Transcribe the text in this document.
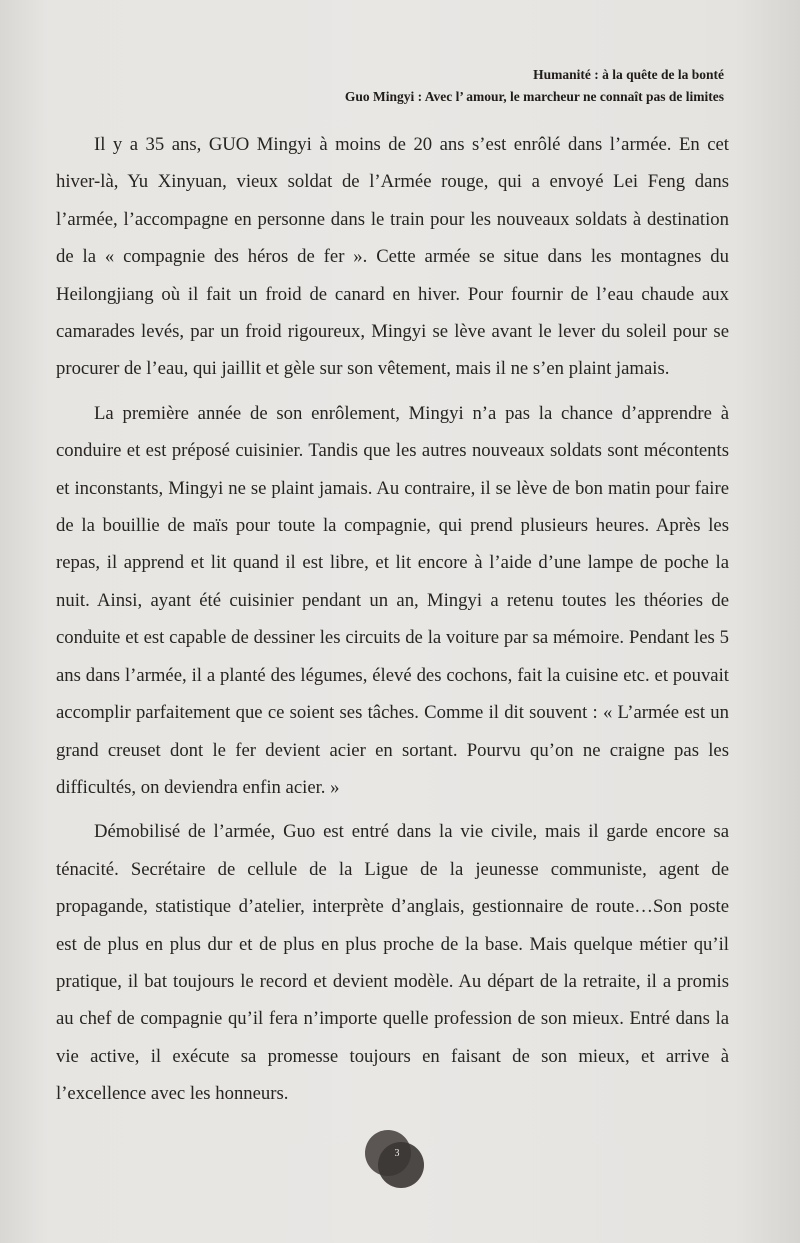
Humanité : à la quête de la bonté
Guo Mingyi : Avec l’ amour, le marcheur ne connaît pas de limites

Il y a 35 ans, GUO Mingyi à moins de 20 ans s’est enrôlé dans l’armée. En cet hiver-là, Yu Xinyuan, vieux soldat de l’Armée rouge, qui a envoyé Lei Feng dans l’armée, l’accompagne en personne dans le train pour les nouveaux soldats à destination de la « compagnie des héros de fer ». Cette armée se situe dans les montagnes du Heilongjiang où il fait un froid de canard en hiver. Pour fournir de l’eau chaude aux camarades levés, par un froid rigoureux, Mingyi se lève avant le lever du soleil pour se procurer de l’eau, qui jaillit et gèle sur son vêtement, mais il ne s’en plaint jamais.

La première année de son enrôlement, Mingyi n’a pas la chance d’apprendre à conduire et est préposé cuisinier. Tandis que les autres nouveaux soldats sont mécontents et inconstants, Mingyi ne se plaint jamais. Au contraire, il se lève de bon matin pour faire de la bouillie de maïs pour toute la compagnie, qui prend plusieurs heures. Après les repas, il apprend et lit quand il est libre, et lit encore à l’aide d’une lampe de poche la nuit. Ainsi, ayant été cuisinier pendant un an, Mingyi a retenu toutes les théories de conduite et est capable de dessiner les circuits de la voiture par sa mémoire. Pendant les 5 ans dans l’armée, il a planté des légumes, élevé des cochons, fait la cuisine etc. et pouvait accomplir parfaitement que ce soient ses tâches. Comme il dit souvent : « L’armée est un grand creuset dont le fer devient acier en sortant. Pourvu qu’on ne craigne pas les difficultés, on deviendra enfin acier. »

Démobilisé de l’armée, Guo est entré dans la vie civile, mais il garde encore sa ténacité. Secrétaire de cellule de la Ligue de la jeunesse communiste, agent de propagande, statistique d’atelier, interprète d’anglais, gestionnaire de route…Son poste est de plus en plus dur et de plus en plus proche de la base. Mais quelque métier qu’il pratique, il bat toujours le record et devient modèle. Au départ de la retraite, il a promis au chef de compagnie qu’il fera n’importe quelle profession de son mieux. Entré dans la vie active, il exécute sa promesse toujours en faisant de son mieux, et arrive à l’excellence avec les honneurs.

3
